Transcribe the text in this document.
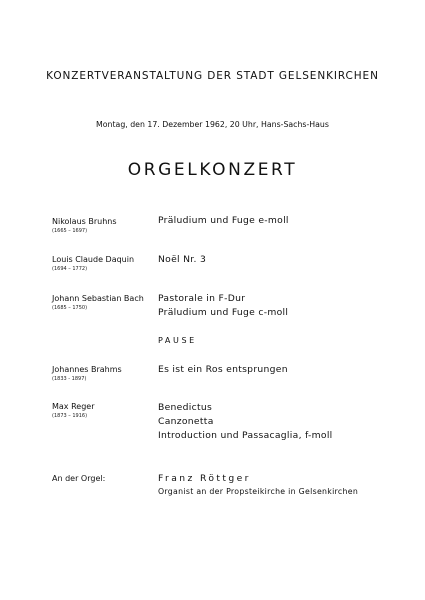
KONZERTVERANSTALTUNG DER STADT GELSENKIRCHEN
Montag, den 17. Dezember 1962, 20 Uhr, Hans-Sachs-Haus
ORGELKONZERT
Nikolaus Bruhns
(1665 – 1697)
Präludium und Fuge e-moll
Louis Claude Daquin
(1694 – 1772)
Noël Nr. 3
Johann Sebastian Bach
(1685 – 1750)
Pastorale in F-Dur
Präludium und Fuge c-moll
PAUSE
Johannes Brahms
(1833 - 1897)
Es ist ein Ros entsprungen
Max Reger
(1873 – 1916)
Benedictus
Canzonetta
Introduction und Passacaglia, f-moll
An der Orgel:	Franz Röttger
Organist an der Propsteikirche in Gelsenkirchen
